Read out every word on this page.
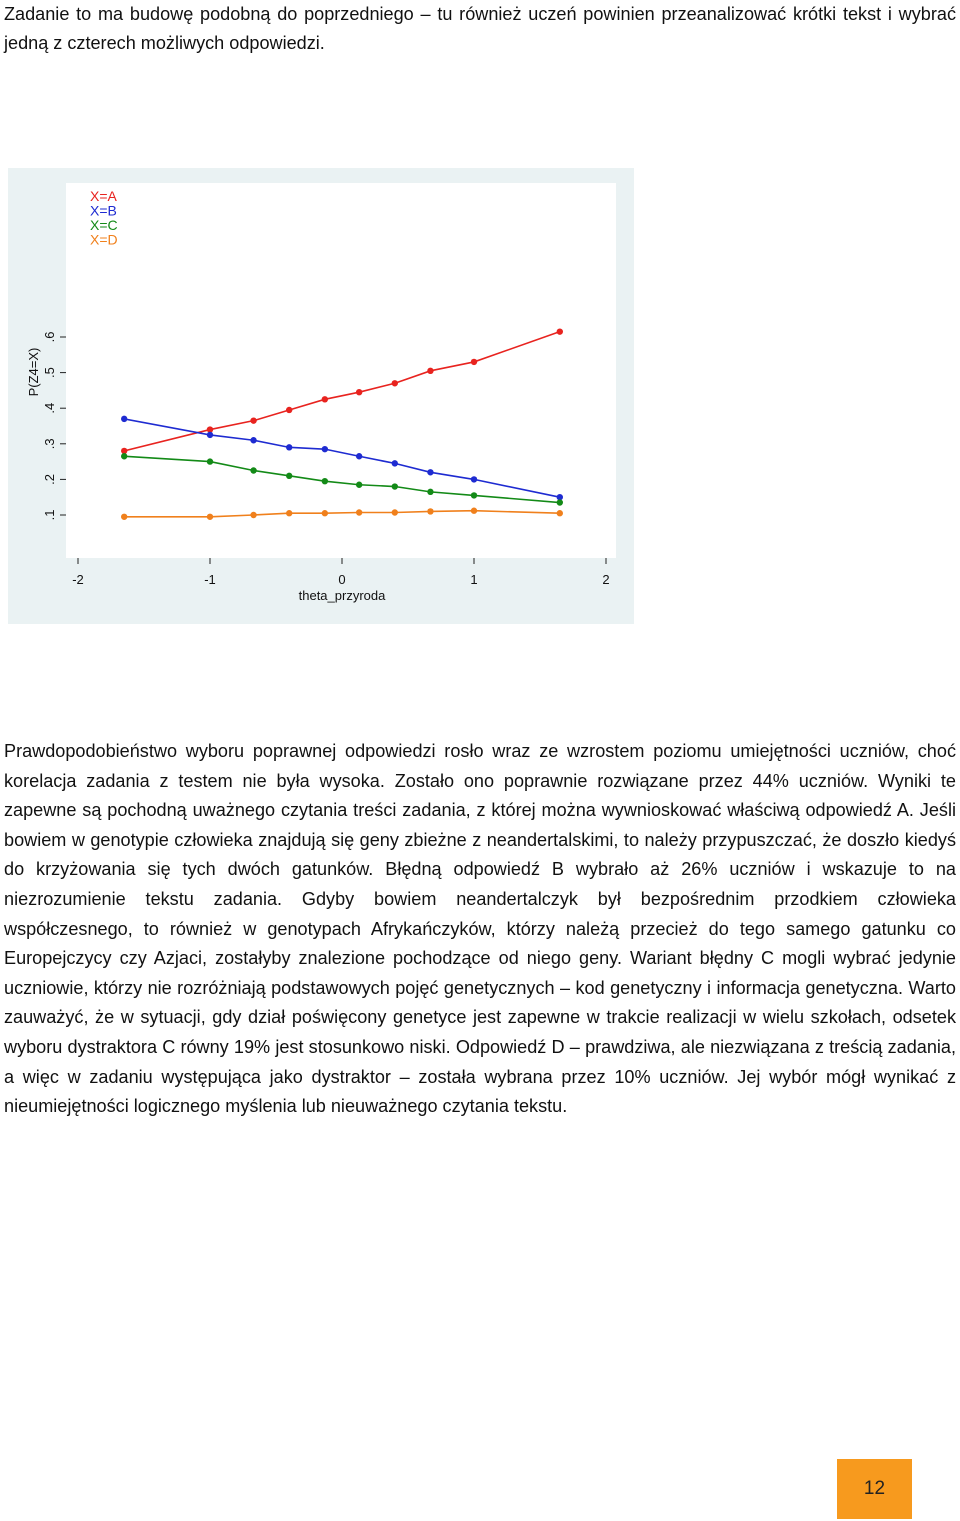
Zadanie to ma budowę podobną do poprzedniego – tu również uczeń powinien przeanalizować krótki tekst i wybrać jedną z czterech możliwych odpowiedzi.

.1
.2
.3
.4
.5
.6
P(Z4=X)
-2	-1	0	1	2
theta_przyroda
X=A
X=B
X=C
X=D

Prawdopodobieństwo wyboru poprawnej odpowiedzi rosło wraz ze wzrostem poziomu umiejętności uczniów, choć korelacja zadania z testem nie była wysoka. Zostało ono poprawnie rozwiązane przez 44% uczniów. Wyniki te zapewne są pochodną uważnego czytania treści zadania, z której można wywnioskować właściwą odpowiedź A. Jeśli bowiem w genotypie człowieka znajdują się geny zbieżne z neandertalskimi, to należy przypuszczać, że doszło kiedyś do krzyżowania się tych dwóch gatunków. Błędną odpowiedź B wybrało aż 26% uczniów i wskazuje to na niezrozumienie tekstu zadania. Gdyby bowiem neandertalczyk był bezpośrednim przodkiem człowieka współczesnego, to również w genotypach Afrykańczyków, którzy należą przecież do tego samego gatunku co Europejczycy czy Azjaci, zostałyby znalezione pochodzące od niego geny. Wariant błędny C mogli wybrać jedynie uczniowie, którzy nie rozróżniają podstawowych pojęć genetycznych – kod genetyczny i informacja genetyczna. Warto zauważyć, że w sytuacji, gdy dział poświęcony genetyce jest zapewne w trakcie realizacji w wielu szkołach, odsetek wyboru dystraktora C równy 19% jest stosunkowo niski. Odpowiedź D – prawdziwa, ale niezwiązana z treścią zadania, a więc w zadaniu występująca jako dystraktor – została wybrana przez 10% uczniów. Jej wybór mógł wynikać z nieumiejętności logicznego myślenia lub nieuważnego czytania tekstu.

12
